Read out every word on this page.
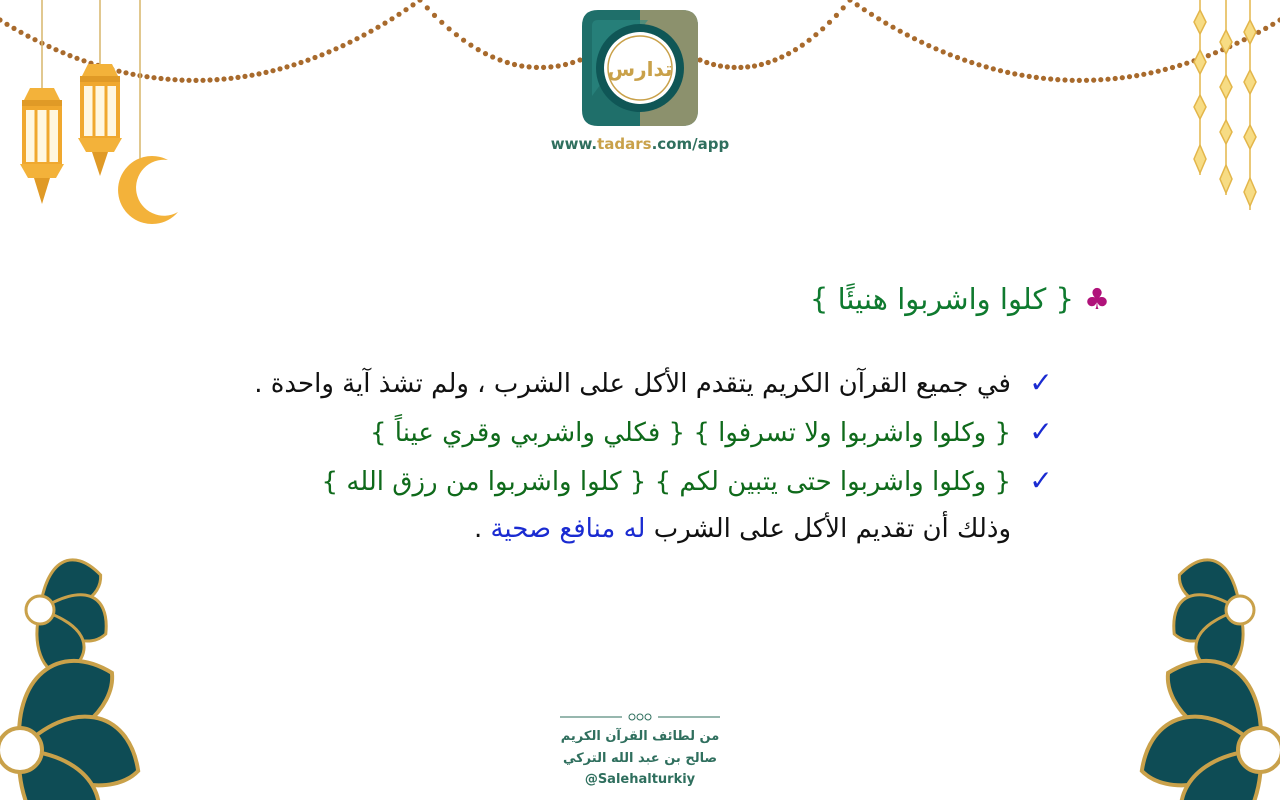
تدارس
www.tadars.com/app
♣{ كلوا واشربوا هنيئًا }
✓في جميع القرآن الكريم يتقدم الأكل على الشرب ، ولم تشذ آية واحدة .
✓{ وكلوا واشربوا ولا تسرفوا } { فكلي واشربي وقري عيناً }
✓{ وكلوا واشربوا حتى يتبين لكم } { كلوا واشربوا من رزق الله }
وذلك أن تقديم الأكل على الشرب له منافع صحية .
من لطائف القرآن الكريم
صالح بن عبد الله التركي
@Salehalturkiy
